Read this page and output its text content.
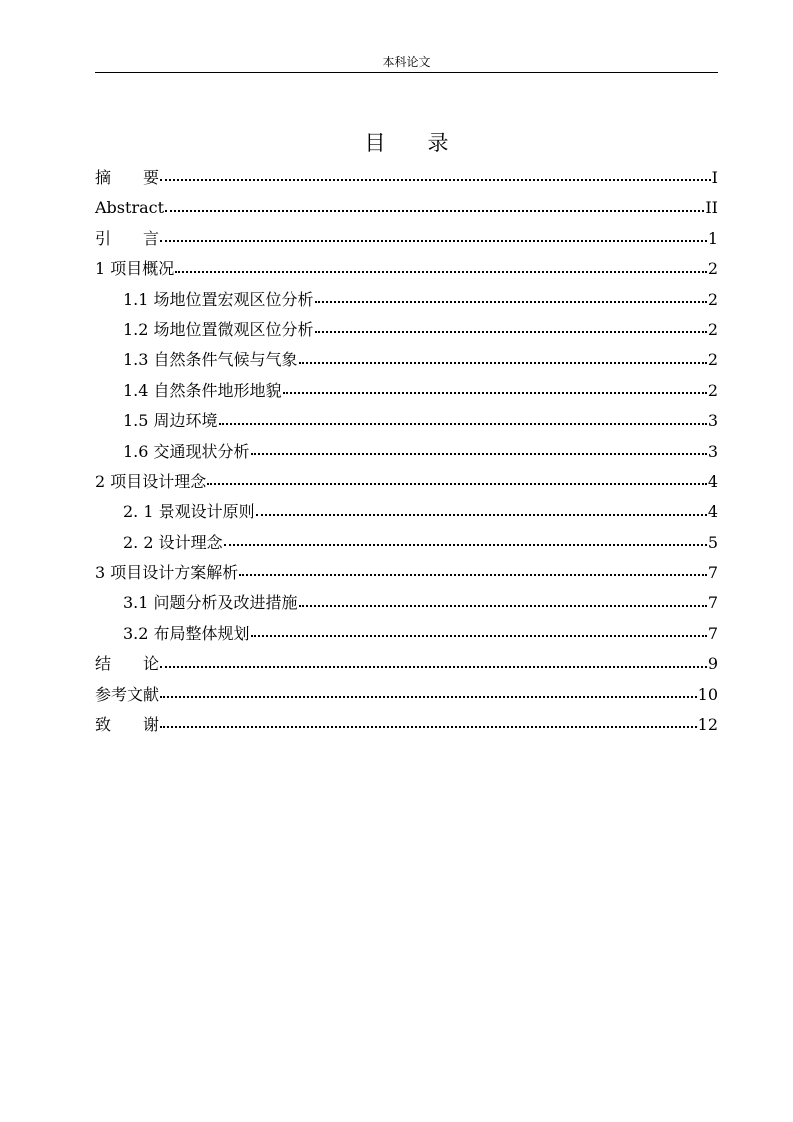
本科论文
目　　录
摘　　要	I
Abstract	II
引　　言	1
1 项目概况	2
1.1 场地位置宏观区位分析	2
1.2 场地位置微观区位分析	2
1.3 自然条件气候与气象	2
1.4 自然条件地形地貌	2
1.5 周边环境	3
1.6 交通现状分析	3
2 项目设计理念	4
2. 1 景观设计原则	4
2. 2 设计理念	5
3 项目设计方案解析	7
3.1 问题分析及改进措施	7
3.2 布局整体规划	7
结　　论	9
参考文献	10
致　　谢	12
